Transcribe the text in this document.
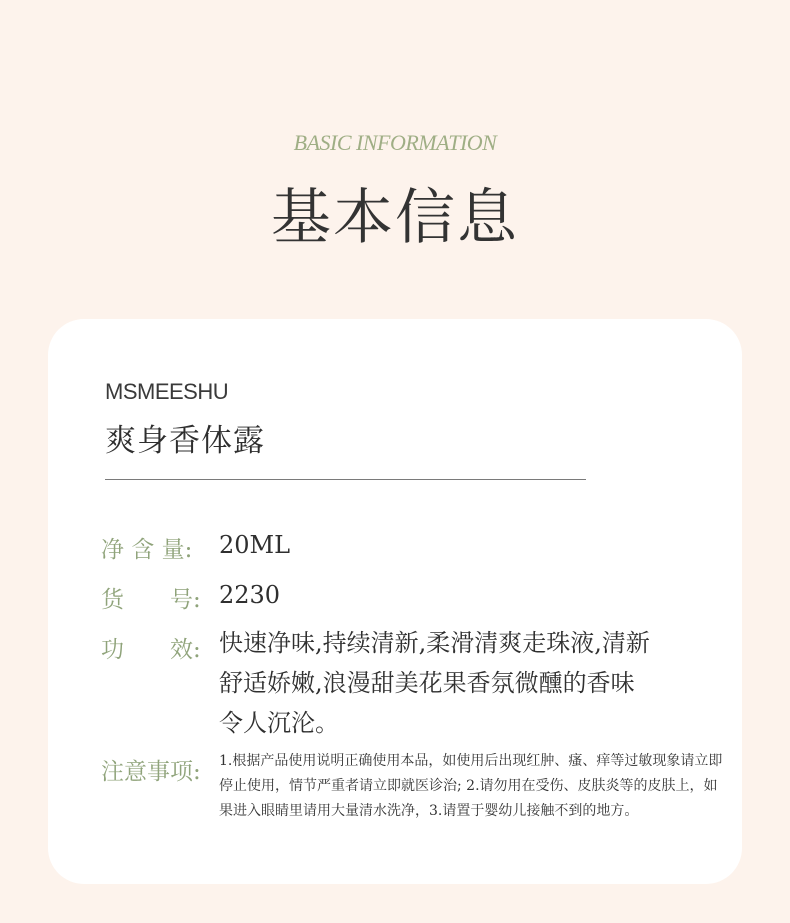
BASIC INFORMATION
基本信息
MSMEESHU
爽身香体露
净 含 量:	20ML
货　　号: 2230
功　　效: 快速净味,持续清新,柔滑清爽走珠液,清新
舒适娇嫩,浪漫甜美花果香氛微醺的香味
令人沉沦。
注意事项:	1.根据产品使用说明正确使用本品，如使用后出现红肿、瘙、痒等过敏现象请立即
停止使用，情节严重者请立即就医诊治; 2.请勿用在受伤、皮肤炎等的皮肤上，如
果进入眼睛里请用大量清水洗净，3.请置于婴幼儿接触不到的地方。
